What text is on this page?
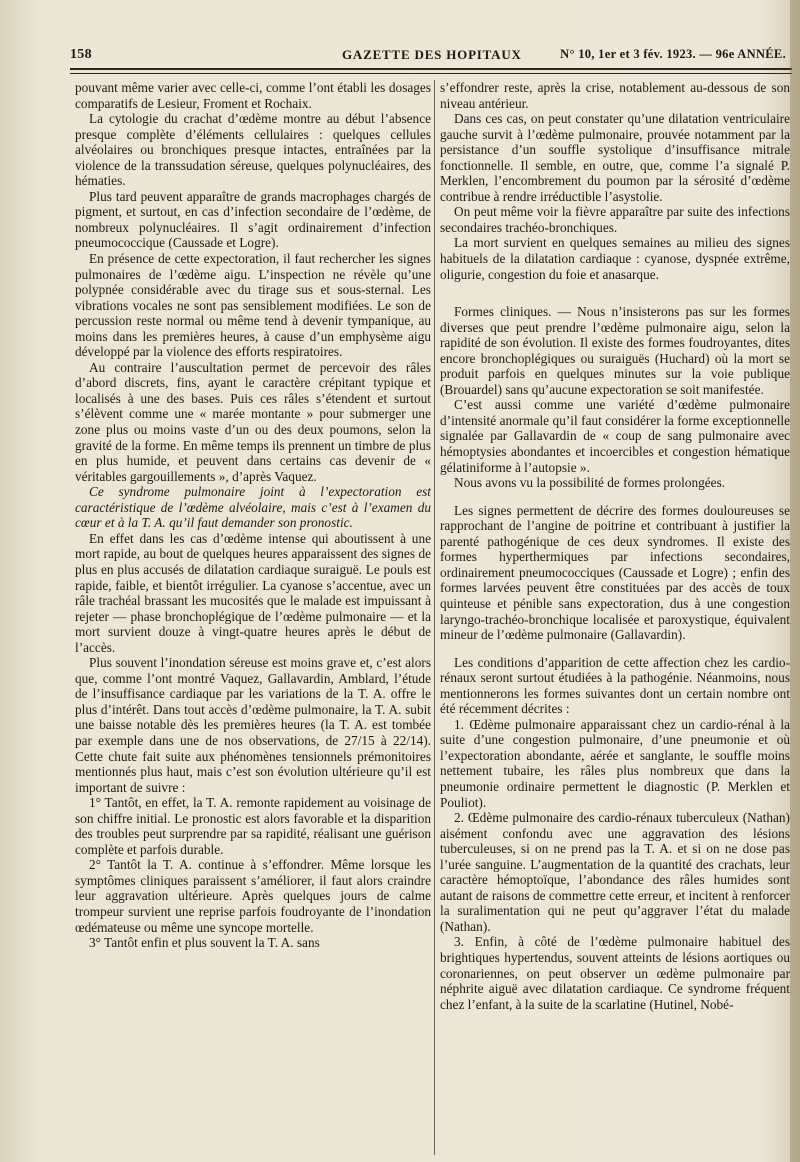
158	GAZETTE DES HOPITAUX	N° 10, 1er et 3 fév. 1923. — 96e ANNÉE.

pouvant même varier avec celle-ci, comme l’ont établi les dosages comparatifs de Lesieur, Froment et Rochaix.

La cytologie du crachat d’œdème montre au début l’absence presque complète d’éléments cellulaires : quelques cellules alvéolaires ou bronchiques presque intactes, entraînées par la violence de la transsudation séreuse, quelques polynucléaires, des hématies.

Plus tard peuvent apparaître de grands macrophages chargés de pigment, et surtout, en cas d’infection secondaire de l’œdème, de nombreux polynucléaires. Il s’agit ordinairement d’infection pneumococcique (Caussade et Logre).

En présence de cette expectoration, il faut rechercher les signes pulmonaires de l’œdème aigu. L’inspection ne révèle qu’une polypnée considérable avec du tirage sus et sous-sternal. Les vibrations vocales ne sont pas sensiblement modifiées. Le son de percussion reste normal ou même tend à devenir tympanique, au moins dans les premières heures, à cause d’un emphysème aigu développé par la violence des efforts respiratoires.

Au contraire l’auscultation permet de percevoir des râles d’abord discrets, fins, ayant le caractère crépitant typique et localisés à une des bases. Puis ces râles s’étendent et surtout s’élèvent comme une « marée montante » pour submerger une zone plus ou moins vaste d’un ou des deux poumons, selon la gravité de la forme. En même temps ils prennent un timbre de plus en plus humide, et peuvent dans certains cas devenir de « véritables gargouillements », d’après Vaquez.

Ce syndrome pulmonaire joint à l’expectoration est caractéristique de l’œdème alvéolaire, mais c’est à l’examen du cœur et à la T. A. qu’il faut demander son pronostic.

En effet dans les cas d’œdème intense qui aboutissent à une mort rapide, au bout de quelques heures apparaissent des signes de plus en plus accusés de dilatation cardiaque suraiguë. Le pouls est rapide, faible, et bientôt irrégulier. La cyanose s’accentue, avec un râle trachéal brassant les mucosités que le malade est impuissant à rejeter — phase bronchoplégique de l’œdème pulmonaire — et la mort survient douze à vingt-quatre heures après le début de l’accès.

Plus souvent l’inondation séreuse est moins grave et, c’est alors que, comme l’ont montré Vaquez, Gallavardin, Amblard, l’étude de l’insuffisance cardiaque par les variations de la T. A. offre le plus d’intérêt. Dans tout accès d’œdème pulmonaire, la T. A. subit une baisse notable dès les premières heures (la T. A. est tombée par exemple dans une de nos observations, de 27/15 à 22/14). Cette chute fait suite aux phénomènes tensionnels prémonitoires mentionnés plus haut, mais c’est son évolution ultérieure qu’il est important de suivre :

1° Tantôt, en effet, la T. A. remonte rapidement au voisinage de son chiffre initial. Le pronostic est alors favorable et la disparition des troubles peut surprendre par sa rapidité, réalisant une guérison complète et parfois durable.

2° Tantôt la T. A. continue à s’effondrer. Même lorsque les symptômes cliniques paraissent s’améliorer, il faut alors craindre leur aggravation ultérieure. Après quelques jours de calme trompeur survient une reprise parfois foudroyante de l’inondation œdémateuse ou même une syncope mortelle.

3° Tantôt enfin et plus souvent la T. A. sans

s’effondrer reste, après la crise, notablement au-dessous de son niveau antérieur.

Dans ces cas, on peut constater qu’une dilatation ventriculaire gauche survit à l’œdème pulmonaire, prouvée notamment par la persistance d’un souffle systolique d’insuffisance mitrale fonctionnelle. Il semble, en outre, que, comme l’a signalé P. Merklen, l’encombrement du poumon par la sérosité d’œdème contribue à rendre irréductible l’asystolie.

On peut même voir la fièvre apparaître par suite des infections secondaires trachéo-bronchiques.

La mort survient en quelques semaines au milieu des signes habituels de la dilatation cardiaque : cyanose, dyspnée extrême, oligurie, congestion du foie et anasarque.

Formes cliniques. — Nous n’insisterons pas sur les formes diverses que peut prendre l’œdème pulmonaire aigu, selon la rapidité de son évolution. Il existe des formes foudroyantes, dites encore bronchoplégiques ou suraiguës (Huchard) où la mort se produit parfois en quelques minutes sur la voie publique (Brouardel) sans qu’aucune expectoration se soit manifestée.

C’est aussi comme une variété d’œdème pulmonaire d’intensité anormale qu’il faut considérer la forme exceptionnelle signalée par Gallavardin de « coup de sang pulmonaire avec hémoptysies abondantes et incoercibles et congestion hématique gélatiniforme à l’autopsie ».

Nous avons vu la possibilité de formes prolongées.

Les signes permettent de décrire des formes douloureuses se rapprochant de l’angine de poitrine et contribuant à justifier la parenté pathogénique de ces deux syndromes. Il existe des formes hyperthermiques par infections secondaires, ordinairement pneumococciques (Caussade et Logre) ; enfin des formes larvées peuvent être constituées par des accès de toux quinteuse et pénible sans expectoration, dus à une congestion laryngo-trachéo-bronchique localisée et paroxystique, équivalent mineur de l’œdème pulmonaire (Gallavardin).

Les conditions d’apparition de cette affection chez les cardio-rénaux seront surtout étudiées à la pathogénie. Néanmoins, nous mentionnerons les formes suivantes dont un certain nombre ont été récemment décrites :

1. Œdème pulmonaire apparaissant chez un cardio-rénal à la suite d’une congestion pulmonaire, d’une pneumonie et où l’expectoration abondante, aérée et sanglante, le souffle moins nettement tubaire, les râles plus nombreux que dans la pneumonie ordinaire permettent le diagnostic (P. Merklen et Pouliot).

2. Œdème pulmonaire des cardio-rénaux tuberculeux (Nathan) aisément confondu avec une aggravation des lésions tuberculeuses, si on ne prend pas la T. A. et si on ne dose pas l’urée sanguine. L’augmentation de la quantité des crachats, leur caractère hémoptoïque, l’abondance des râles humides sont autant de raisons de commettre cette erreur, et incitent à renforcer la suralimentation qui ne peut qu’aggraver l’état du malade (Nathan).

3. Enfin, à côté de l’œdème pulmonaire habituel des brightiques hypertendus, souvent atteints de lésions aortiques ou coronariennes, on peut observer un œdème pulmonaire par néphrite aiguë avec dilatation cardiaque. Ce syndrome fréquent chez l’enfant, à la suite de la scarlatine (Hutinel, Nobé-
